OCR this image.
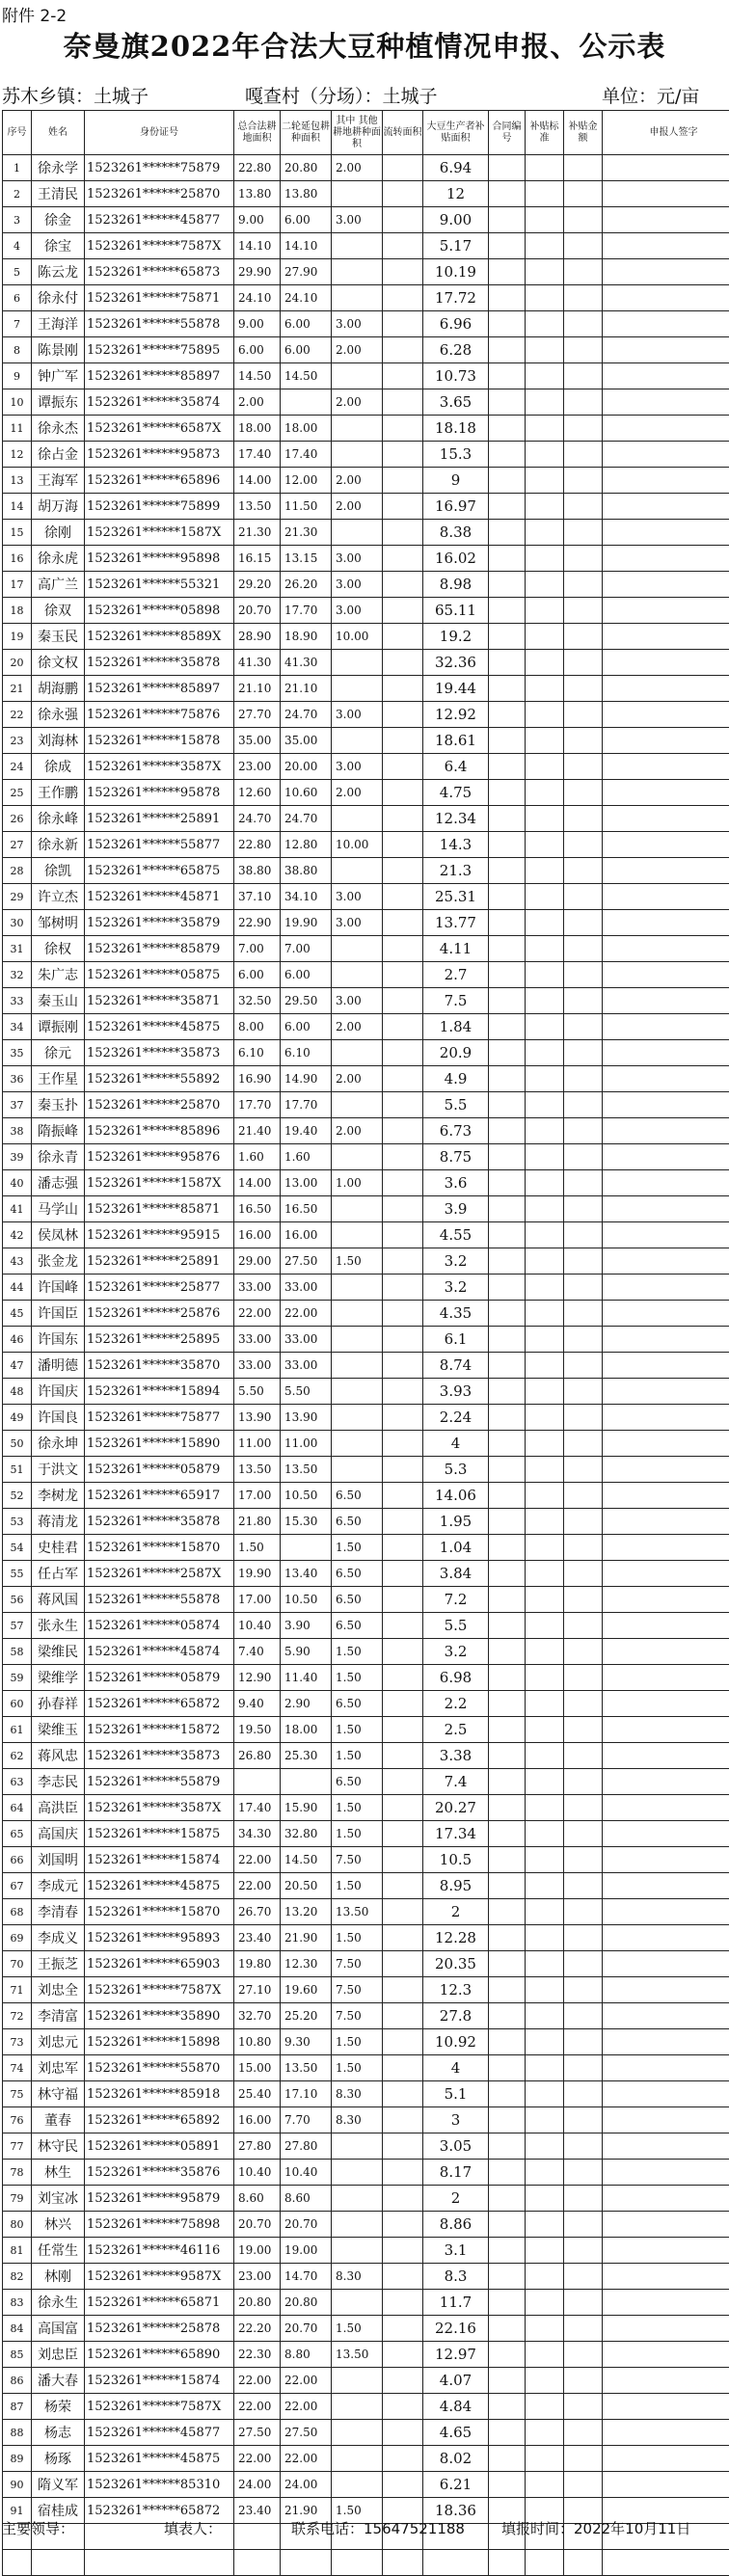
附件 2-2
奈曼旗2022年合法大豆种植情况申报、公示表
苏木乡镇：土城子	嘎查村（分场）：土城子	单位：元/亩
序号	姓名	身份证号	总合法耕地面积	二轮延包耕种面积	其中 其他耕地耕种面积	流转面积	大豆生产者补贴面积	合同编号	补贴标准	补贴金额	申报人签字
1	徐永学	1523261******75879	22.80	20.80	2.00		6.94				
2	王清民	1523261******25870	13.80	13.80			12				
3	徐金	1523261******45877	9.00	6.00	3.00		9.00				
4	徐宝	1523261******7587X	14.10	14.10			5.17				
5	陈云龙	1523261******65873	29.90	27.90			10.19				
6	徐永付	1523261******75871	24.10	24.10			17.72				
7	王海洋	1523261******55878	9.00	6.00	3.00		6.96				
8	陈景刚	1523261******75895	6.00	6.00	2.00		6.28				
9	钟广军	1523261******85897	14.50	14.50			10.73				
10	谭振东	1523261******35874	2.00		2.00		3.65				
11	徐永杰	1523261******6587X	18.00	18.00			18.18				
12	徐占金	1523261******95873	17.40	17.40			15.3				
13	王海军	1523261******65896	14.00	12.00	2.00		9				
14	胡万海	1523261******75899	13.50	11.50	2.00		16.97				
15	徐刚	1523261******1587X	21.30	21.30			8.38				
16	徐永虎	1523261******95898	16.15	13.15	3.00		16.02				
17	高广兰	1523261******55321	29.20	26.20	3.00		8.98				
18	徐双	1523261******05898	20.70	17.70	3.00		65.11				
19	秦玉民	1523261******8589X	28.90	18.90	10.00		19.2				
20	徐文权	1523261******35878	41.30	41.30			32.36				
21	胡海鹏	1523261******85897	21.10	21.10			19.44				
22	徐永强	1523261******75876	27.70	24.70	3.00		12.92				
23	刘海林	1523261******15878	35.00	35.00			18.61				
24	徐成	1523261******3587X	23.00	20.00	3.00		6.4				
25	王作鹏	1523261******95878	12.60	10.60	2.00		4.75				
26	徐永峰	1523261******25891	24.70	24.70			12.34				
27	徐永新	1523261******55877	22.80	12.80	10.00		14.3				
28	徐凯	1523261******65875	38.80	38.80			21.3				
29	许立杰	1523261******45871	37.10	34.10	3.00		25.31				
30	邹树明	1523261******35879	22.90	19.90	3.00		13.77				
31	徐权	1523261******85879	7.00	7.00			4.11				
32	朱广志	1523261******05875	6.00	6.00			2.7				
33	秦玉山	1523261******35871	32.50	29.50	3.00		7.5				
34	谭振刚	1523261******45875	8.00	6.00	2.00		1.84				
35	徐元	1523261******35873	6.10	6.10			20.9				
36	王作星	1523261******55892	16.90	14.90	2.00		4.9				
37	秦玉扑	1523261******25870	17.70	17.70			5.5				
38	隋振峰	1523261******85896	21.40	19.40	2.00		6.73				
39	徐永青	1523261******95876	1.60	1.60			8.75				
40	潘志强	1523261******1587X	14.00	13.00	1.00		3.6				
41	马学山	1523261******85871	16.50	16.50			3.9				
42	侯凤林	1523261******95915	16.00	16.00			4.55				
43	张金龙	1523261******25891	29.00	27.50	1.50		3.2				
44	许国峰	1523261******25877	33.00	33.00			3.2				
45	许国臣	1523261******25876	22.00	22.00			4.35				
46	许国东	1523261******25895	33.00	33.00			6.1				
47	潘明德	1523261******35870	33.00	33.00			8.74				
48	许国庆	1523261******15894	5.50	5.50			3.93				
49	许国良	1523261******75877	13.90	13.90			2.24				
50	徐永坤	1523261******15890	11.00	11.00			4				
51	于洪文	1523261******05879	13.50	13.50			5.3				
52	李树龙	1523261******65917	17.00	10.50	6.50		14.06				
53	蒋清龙	1523261******35878	21.80	15.30	6.50		1.95				
54	史桂君	1523261******15870	1.50		1.50		1.04				
55	任占军	1523261******2587X	19.90	13.40	6.50		3.84				
56	蒋风国	1523261******55878	17.00	10.50	6.50		7.2				
57	张永生	1523261******05874	10.40	3.90	6.50		5.5				
58	梁维民	1523261******45874	7.40	5.90	1.50		3.2				
59	梁维学	1523261******05879	12.90	11.40	1.50		6.98				
60	孙春祥	1523261******65872	9.40	2.90	6.50		2.2				
61	梁维玉	1523261******15872	19.50	18.00	1.50		2.5				
62	蒋风忠	1523261******35873	26.80	25.30	1.50		3.38				
63	李志民	1523261******55879			6.50		7.4				
64	高洪臣	1523261******3587X	17.40	15.90	1.50		20.27				
65	高国庆	1523261******15875	34.30	32.80	1.50		17.34				
66	刘国明	1523261******15874	22.00	14.50	7.50		10.5				
67	李成元	1523261******45875	22.00	20.50	1.50		8.95				
68	李清春	1523261******15870	26.70	13.20	13.50		2				
69	李成义	1523261******95893	23.40	21.90	1.50		12.28				
70	王振芝	1523261******65903	19.80	12.30	7.50		20.35				
71	刘忠全	1523261******7587X	27.10	19.60	7.50		12.3				
72	李清富	1523261******35890	32.70	25.20	7.50		27.8				
73	刘忠元	1523261******15898	10.80	9.30	1.50		10.92				
74	刘忠军	1523261******55870	15.00	13.50	1.50		4				
75	林守福	1523261******85918	25.40	17.10	8.30		5.1				
76	董春	1523261******65892	16.00	7.70	8.30		3				
77	林守民	1523261******05891	27.80	27.80			3.05				
78	林生	1523261******35876	10.40	10.40			8.17				
79	刘宝冰	1523261******95879	8.60	8.60			2				
80	林兴	1523261******75898	20.70	20.70			8.86				
81	任常生	1523261******46116	19.00	19.00			3.1				
82	林刚	1523261******9587X	23.00	14.70	8.30		8.3				
83	徐永生	1523261******65871	20.80	20.80			11.7				
84	高国富	1523261******25878	22.20	20.70	1.50		22.16				
85	刘忠臣	1523261******65890	22.30	8.80	13.50		12.97				
86	潘大春	1523261******15874	22.00	22.00			4.07				
87	杨荣	1523261******7587X	22.00	22.00			4.84				
88	杨志	1523261******45877	27.50	27.50			4.65				
89	杨琢	1523261******45875	22.00	22.00			8.02				
90	隋义军	1523261******85310	24.00	24.00			6.21				
91	宿桂成	1523261******65872	23.40	21.90	1.50		18.36				

主要领导：	填表人：	联系电话：15647521188	填报时间：2022年10月11日
